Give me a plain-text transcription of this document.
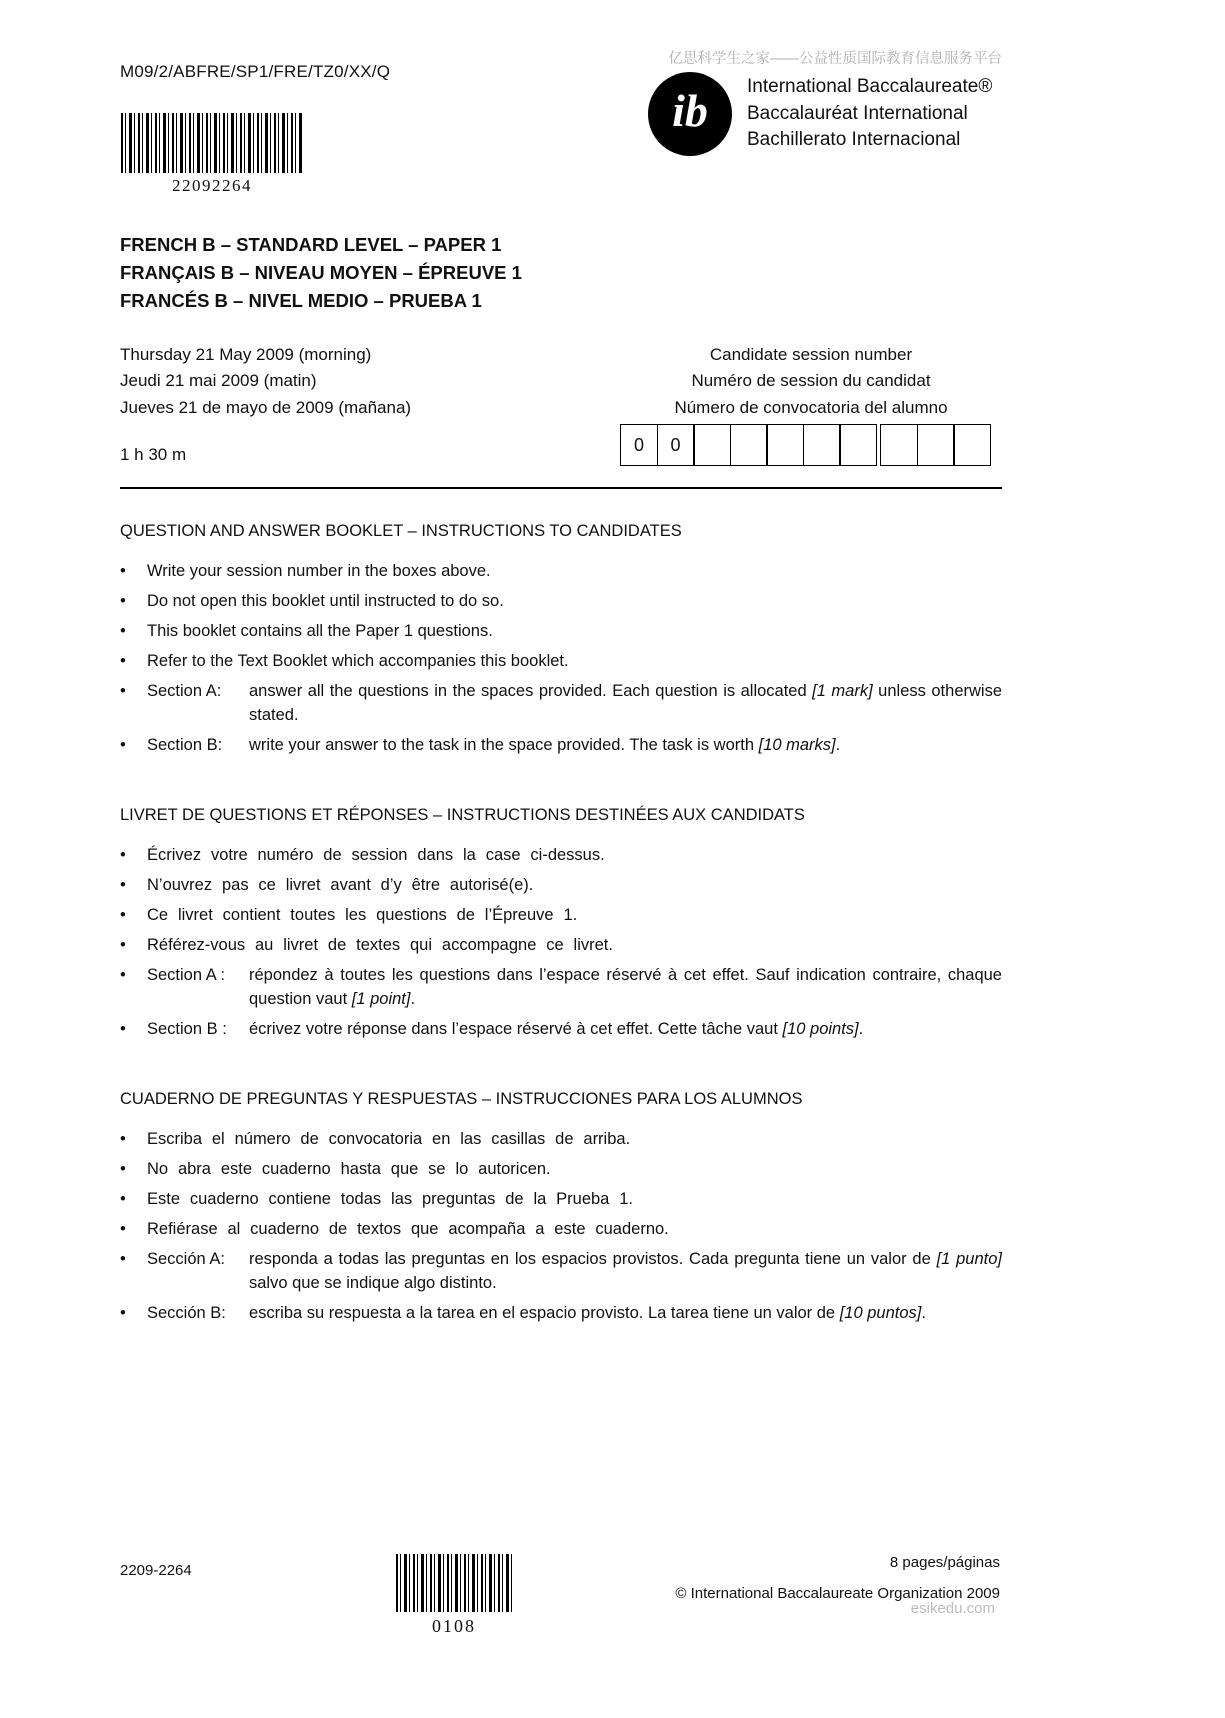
M09/2/ABFRE/SP1/FRE/TZ0/XX/Q
亿思科学生之家——公益性质国际教育信息服务平台
ib International Baccalaureate®
Baccalauréat International
Bachillerato Internacional
22092264
FRENCH B – STANDARD LEVEL – PAPER 1
FRANÇAIS B – NIVEAU MOYEN – ÉPREUVE 1
FRANCÉS B – NIVEL MEDIO – PRUEBA 1
Thursday 21 May 2009 (morning)
Jeudi 21 mai 2009 (matin)
Jueves 21 de mayo de 2009 (mañana)
Candidate session number
Numéro de session du candidat
Número de convocatoria del alumno
0	0
1 h 30 m
QUESTION AND ANSWER BOOKLET – INSTRUCTIONS TO CANDIDATES
•	Write your session number in the boxes above.
•	Do not open this booklet until instructed to do so.
•	This booklet contains all the Paper 1 questions.
•	Refer to the Text Booklet which accompanies this booklet.
•	Section A:	answer all the questions in the spaces provided. Each question is allocated [1 mark] unless otherwise stated.
•	Section B:	write your answer to the task in the space provided. The task is worth [10 marks].
LIVRET DE QUESTIONS ET RÉPONSES – INSTRUCTIONS DESTINÉES AUX CANDIDATS
•	Écrivez votre numéro de session dans la case ci-dessus.
•	N’ouvrez pas ce livret avant d’y être autorisé(e).
•	Ce livret contient toutes les questions de l’Épreuve 1.
•	Référez-vous au livret de textes qui accompagne ce livret.
•	Section A :	répondez à toutes les questions dans l’espace réservé à cet effet. Sauf indication contraire, chaque question vaut [1 point].
•	Section B :	écrivez votre réponse dans l’espace réservé à cet effet. Cette tâche vaut [10 points].
CUADERNO DE PREGUNTAS Y RESPUESTAS – INSTRUCCIONES PARA LOS ALUMNOS
•	Escriba el número de convocatoria en las casillas de arriba.
•	No abra este cuaderno hasta que se lo autoricen.
•	Este cuaderno contiene todas las preguntas de la Prueba 1.
•	Refiérase al cuaderno de textos que acompaña a este cuaderno.
•	Sección A:	responda a todas las preguntas en los espacios provistos. Cada pregunta tiene un valor de [1 punto] salvo que se indique algo distinto.
•	Sección B:	escriba su respuesta a la tarea en el espacio provisto. La tarea tiene un valor de [10 puntos].
2209-2264	8 pages/páginas
© International Baccalaureate Organization 2009
esikedu.com
0108
